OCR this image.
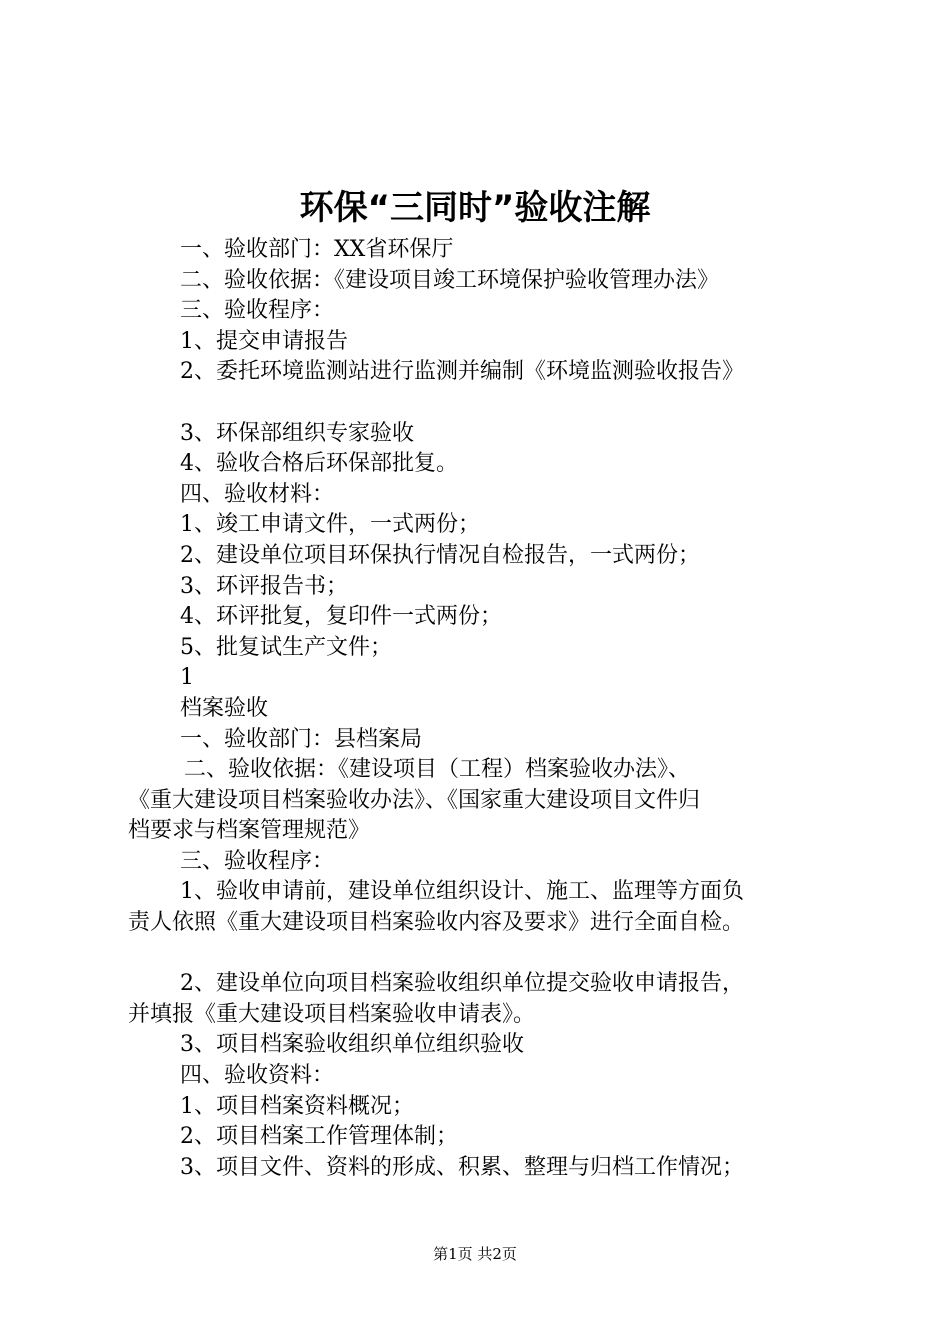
环保“三同时”验收注解

一、验收部门：XX省环保厅

二、验收依据：《建设项目竣工环境保护验收管理办法》

三、验收程序：

1、提交申请报告

2、委托环境监测站进行监测并编制《环境监测验收报告》

3、环保部组织专家验收

4、验收合格后环保部批复。

四、验收材料：

1、竣工申请文件，一式两份；

2、建设单位项目环保执行情况自检报告，一式两份；

3、环评报告书；

4、环评批复，复印件一式两份；

5、批复试生产文件；

1

档案验收

一、验收部门：县档案局

二、验收依据：《建设项目（工程）档案验收办法》、

《重大建设项目档案验收办法》、《国家重大建设项目文件归

档要求与档案管理规范》

三、验收程序：

1、验收申请前，建设单位组织设计、施工、监理等方面负

责人依照《重大建设项目档案验收内容及要求》进行全面自检。

2、建设单位向项目档案验收组织单位提交验收申请报告，

并填报《重大建设项目档案验收申请表》。

3、项目档案验收组织单位组织验收

四、验收资料：

1、项目档案资料概况；

2、项目档案工作管理体制；

3、项目文件、资料的形成、积累、整理与归档工作情况；

第1页 共2页
